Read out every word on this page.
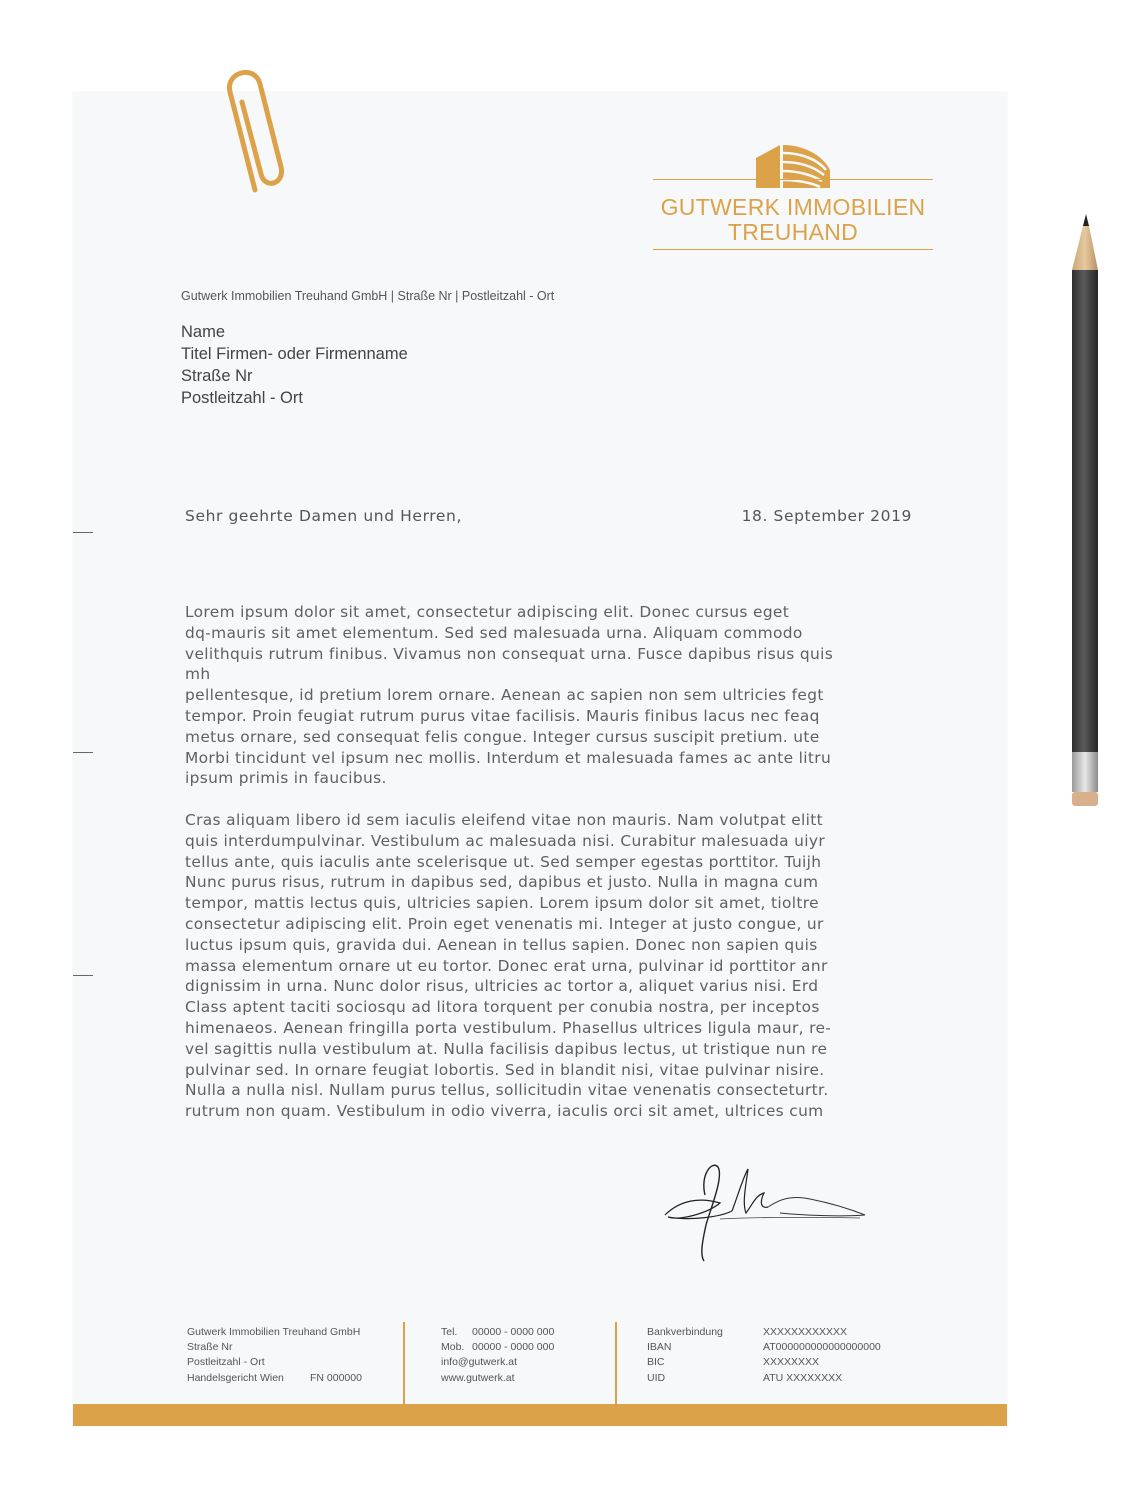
GUTWERK IMMOBILIEN
TREUHAND
Gutwerk Immobilien Treuhand GmbH | Straße Nr | Postleitzahl - Ort
Name
Titel Firmen- oder Firmenname
Straße Nr
Postleitzahl - Ort
Sehr geehrte Damen und Herren,	18. September 2019
Lorem ipsum dolor sit amet, consectetur adipiscing elit. Donec cursus eget
dq-mauris sit amet elementum. Sed sed malesuada urna. Aliquam commodo
velithquis rutrum finibus. Vivamus non consequat urna. Fusce dapibus risus quis
mh
pellentesque, id pretium lorem ornare. Aenean ac sapien non sem ultricies fegt
tempor. Proin feugiat rutrum purus vitae facilisis. Mauris finibus lacus nec feaq
metus ornare, sed consequat felis congue. Integer cursus suscipit pretium. ute
Morbi tincidunt vel ipsum nec mollis. Interdum et malesuada fames ac ante litru
ipsum primis in faucibus.
Cras aliquam libero id sem iaculis eleifend vitae non mauris. Nam volutpat elitt
quis interdumpulvinar. Vestibulum ac malesuada nisi. Curabitur malesuada uiyr
tellus ante, quis iaculis ante scelerisque ut. Sed semper egestas porttitor. Tuijh
Nunc purus risus, rutrum in dapibus sed, dapibus et justo. Nulla in magna cum
tempor, mattis lectus quis, ultricies sapien. Lorem ipsum dolor sit amet, tioltre
consectetur adipiscing elit. Proin eget venenatis mi. Integer at justo congue, ur
luctus ipsum quis, gravida dui. Aenean in tellus sapien. Donec non sapien quis
massa elementum ornare ut eu tortor. Donec erat urna, pulvinar id porttitor anr
dignissim in urna. Nunc dolor risus, ultricies ac tortor a, aliquet varius nisi. Erd
Class aptent taciti sociosqu ad litora torquent per conubia nostra, per inceptos
himenaeos. Aenean fringilla porta vestibulum. Phasellus ultrices ligula maur, re-
vel sagittis nulla vestibulum at. Nulla facilisis dapibus lectus, ut tristique nun re
pulvinar sed. In ornare feugiat lobortis. Sed in blandit nisi, vitae pulvinar nisire.
Nulla a nulla nisl. Nullam purus tellus, sollicitudin vitae venenatis consecteturtr.
rutrum non quam. Vestibulum in odio viverra, iaculis orci sit amet, ultrices cum
Gutwerk Immobilien Treuhand GmbH
Straße Nr
Postleitzahl - Ort
Handelsgericht Wien FN 000000
Tel. 00000 - 0000 000
Mob. 00000 - 0000 000
info@gutwerk.at
www.gutwerk.at
Bankverbindung	XXXXXXXXXXXX
IBAN	AT000000000000000000
BIC	XXXXXXXX
UID	ATU XXXXXXXX
